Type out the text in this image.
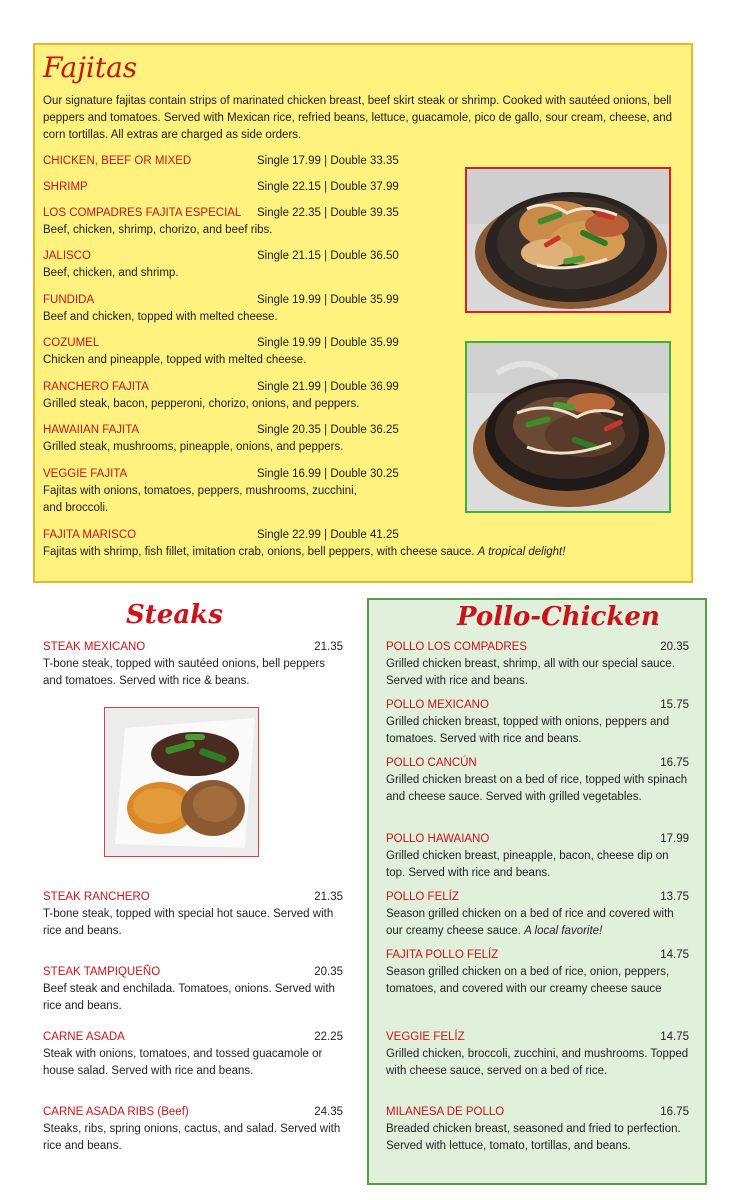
Fajitas
Our signature fajitas contain strips of marinated chicken breast, beef skirt steak or shrimp. Cooked with sautéed onions, bell peppers and tomatoes. Served with Mexican rice, refried beans, lettuce, guacamole, pico de gallo, sour cream, cheese, and corn tortillas. All extras are charged as side orders.
CHICKEN, BEEF OR MIXED	Single 17.99 | Double 33.35
SHRIMP	Single 22.15 | Double 37.99
LOS COMPADRES FAJITA ESPECIAL Single 22.35 | Double 39.35
Beef, chicken, shrimp, chorizo, and beef ribs.
JALISCO	Single 21.15 | Double 36.50
Beef, chicken, and shrimp.
FUNDIDA	Single 19.99 | Double 35.99
Beef and chicken, topped with melted cheese.
COZUMEL	Single 19.99 | Double 35.99
Chicken and pineapple, topped with melted cheese.
RANCHERO FAJITA	Single 21.99 | Double 36.99
Grilled steak, bacon, pepperoni, chorizo, onions, and peppers.
HAWAIIAN FAJITA	Single 20.35 | Double 36.25
Grilled steak, mushrooms, pineapple, onions, and peppers.
VEGGIE FAJITA	Single 16.99 | Double 30.25
Fajitas with onions, tomatoes, peppers, mushrooms, zucchini,
and broccoli.
FAJITA MARISCO	Single 22.99 | Double 41.25
Fajitas with shrimp, fish fillet, imitation crab, onions, bell peppers, with cheese sauce. A tropical delight!
Steaks
STEAK MEXICANO	21.35
T-bone steak, topped with sautéed onions, bell peppers and tomatoes. Served with rice & beans.
STEAK RANCHERO	21.35
T-bone steak, topped with special hot sauce. Served with rice and beans.
STEAK TAMPIQUEÑO	20.35
Beef steak and enchilada. Tomatoes, onions. Served with rice and beans.
CARNE ASADA	22.25
Steak with onions, tomatoes, and tossed guacamole or house salad. Served with rice and beans.
CARNE ASADA RIBS (Beef)	24.35
Steaks, ribs, spring onions, cactus, and salad. Served with rice and beans.
Pollo-Chicken
POLLO LOS COMPADRES	20.35
Grilled chicken breast, shrimp, all with our special sauce. Served with rice and beans.
POLLO MEXICANO	15.75
Grilled chicken breast, topped with onions, peppers and tomatoes. Served with rice and beans.
POLLO CANCÚN	16.75
Grilled chicken breast on a bed of rice, topped with spinach and cheese sauce. Served with grilled vegetables.
POLLO HAWAIANO	17.99
Grilled chicken breast, pineapple, bacon, cheese dip on top. Served with rice and beans.
POLLO FELÍZ	13.75
Season grilled chicken on a bed of rice and covered with our creamy cheese sauce. A local favorite!
FAJITA POLLO FELÍZ	14.75
Season grilled chicken on a bed of rice, onion, peppers, tomatoes, and covered with our creamy cheese sauce
VEGGIE FELÍZ	14.75
Grilled chicken, broccoli, zucchini, and mushrooms. Topped with cheese sauce, served on a bed of rice.
MILANESA DE POLLO	16.75
Breaded chicken breast, seasoned and fried to perfection. Served with lettuce, tomato, tortillas, and beans.
